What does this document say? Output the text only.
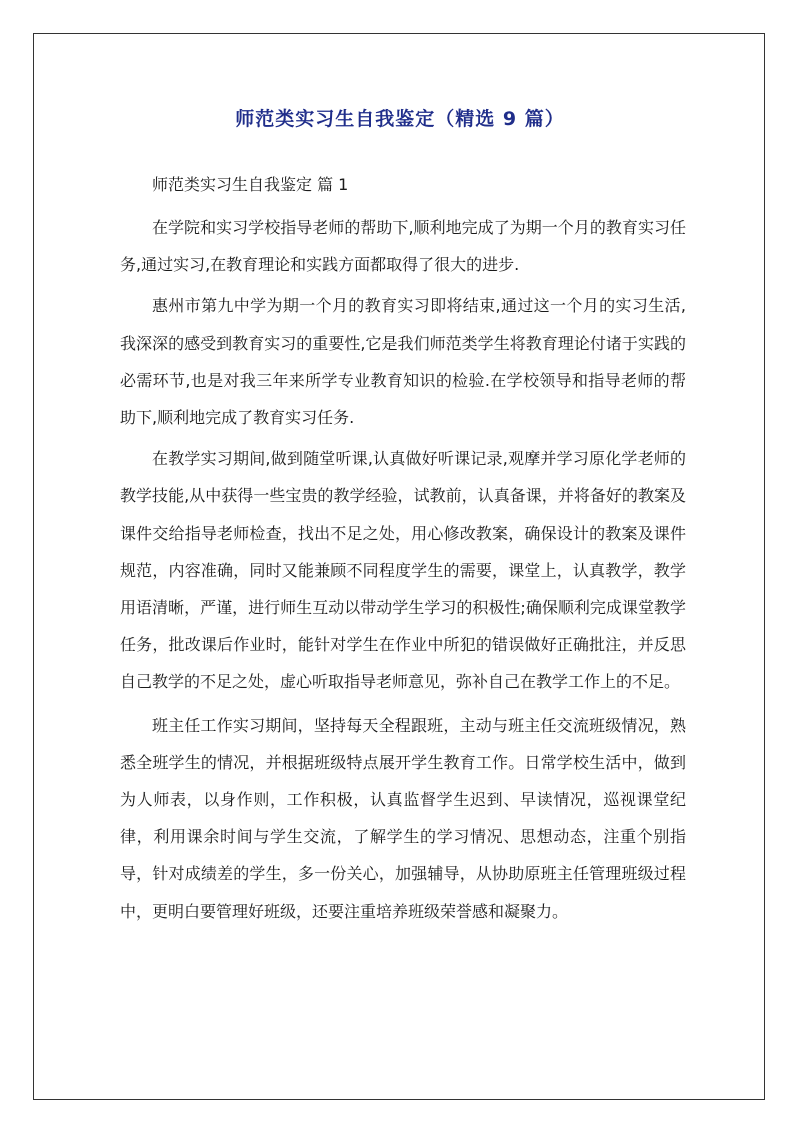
师范类实习生自我鉴定（精选 9 篇）

师范类实习生自我鉴定 篇 1

在学院和实习学校指导老师的帮助下,顺利地完成了为期一个月的教育实习任务,通过实习,在教育理论和实践方面都取得了很大的进步.

惠州市第九中学为期一个月的教育实习即将结束,通过这一个月的实习生活,我深深的感受到教育实习的重要性,它是我们师范类学生将教育理论付诸于实践的必需环节,也是对我三年来所学专业教育知识的检验.在学校领导和指导老师的帮助下,顺利地完成了教育实习任务.

在教学实习期间,做到随堂听课,认真做好听课记录,观摩并学习原化学老师的教学技能,从中获得一些宝贵的教学经验，试教前，认真备课，并将备好的教案及课件交给指导老师检查，找出不足之处，用心修改教案，确保设计的教案及课件规范，内容准确，同时又能兼顾不同程度学生的需要，课堂上，认真教学，教学用语清晰，严谨，进行师生互动以带动学生学习的积极性;确保顺利完成课堂教学任务，批改课后作业时，能针对学生在作业中所犯的错误做好正确批注，并反思自己教学的不足之处，虚心听取指导老师意见，弥补自己在教学工作上的不足。

班主任工作实习期间，坚持每天全程跟班，主动与班主任交流班级情况，熟悉全班学生的情况，并根据班级特点展开学生教育工作。日常学校生活中，做到为人师表，以身作则，工作积极，认真监督学生迟到、早读情况，巡视课堂纪律，利用课余时间与学生交流，了解学生的学习情况、思想动态，注重个别指导，针对成绩差的学生，多一份关心，加强辅导，从协助原班主任管理班级过程中，更明白要管理好班级，还要注重培养班级荣誉感和凝聚力。
